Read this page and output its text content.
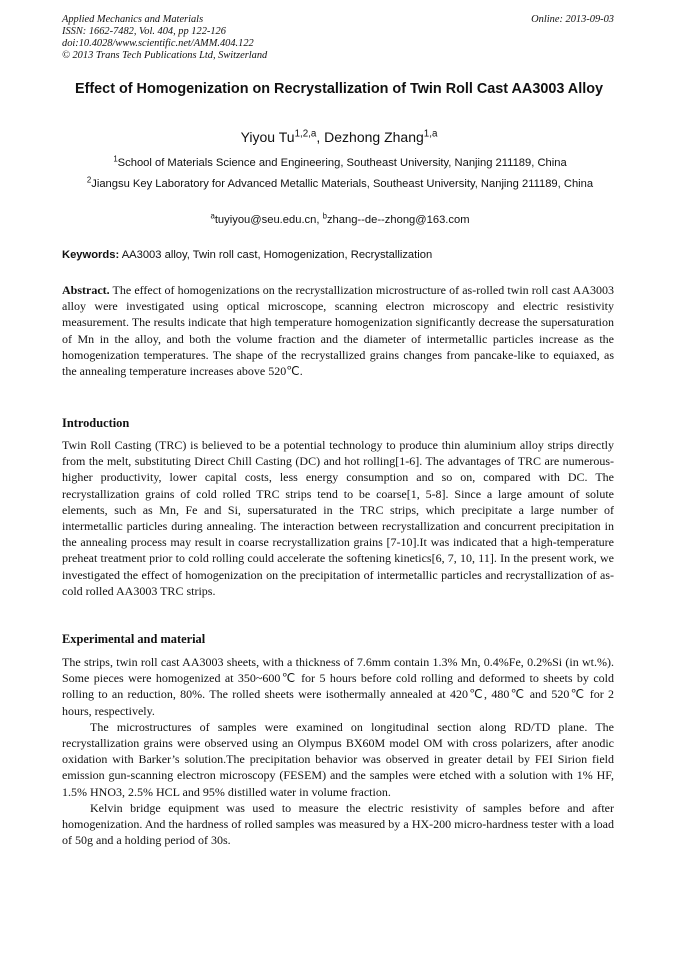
Applied Mechanics and Materials
ISSN: 1662-7482, Vol. 404, pp 122-126
doi:10.4028/www.scientific.net/AMM.404.122
© 2013 Trans Tech Publications Ltd, Switzerland
Online: 2013-09-03
Effect of Homogenization on Recrystallization of Twin Roll Cast AA3003 Alloy
Yiyou Tu$^{1,2,a}$, Dezhong Zhang$^{1,a}$
$^1$School of Materials Science and Engineering, Southeast University, Nanjing 211189, China
$^2$Jiangsu Key Laboratory for Advanced Metallic Materials, Southeast University, Nanjing 211189, China
$^a$tuyiyou@seu.edu.cn, $^b$zhang--de--zhong@163.com
Keywords: AA3003 alloy, Twin roll cast, Homogenization, Recrystallization
Abstract. The effect of homogenizations on the recrystallization microstructure of as-rolled twin roll cast AA3003 alloy were investigated using optical microscope, scanning electron microscopy and electric resistivity measurement. The results indicate that high temperature homogenization significantly decrease the supersaturation of Mn in the alloy, and both the volume fraction and the diameter of intermetallic particles increase as the homogenization temperatures. The shape of the recrystallized grains changes from pancake-like to equiaxed, as the annealing temperature increases above 520℃.
Introduction

Twin Roll Casting (TRC) is believed to be a potential technology to produce thin aluminium alloy strips directly from the melt, substituting Direct Chill Casting (DC) and hot rolling[1-6]. The advantages of TRC are numerous-higher productivity, lower capital costs, less energy consumption and so on, compared with DC. The recrystallization grains of cold rolled TRC strips tend to be coarse[1, 5-8]. Since a large amount of solute elements, such as Mn, Fe and Si, supersaturated in the TRC strips, which precipitate a large number of intermetallic particles during annealing. The interaction between recrystallization and concurrent precipitation in the annealing process may result in coarse recrystallization grains [7-10].It was indicated that a high-temperature preheat treatment prior to cold rolling could accelerate the softening kinetics[6, 7, 10, 11]. In the present work, we investigated the effect of homogenization on the precipitation of intermetallic particles and recrystallization of as-cold rolled AA3003 TRC strips.

Experimental and material

The strips, twin roll cast AA3003 sheets, with a thickness of 7.6mm contain 1.3% Mn, 0.4%Fe, 0.2%Si (in wt.%). Some pieces were homogenized at 350~600℃ for 5 hours before cold rolling and deformed to sheets by cold rolling to an reduction, 80%. The rolled sheets were isothermally annealed at 420℃, 480℃ and 520℃ for 2 hours, respectively.

The microstructures of samples were examined on longitudinal section along RD/TD plane. The recrystallization grains were observed using an Olympus BX60M model OM with cross polarizers, after anodic oxidation with Barker’s solution.The precipitation behavior was observed in greater detail by FEI Sirion field emission gun-scanning electron microscopy (FESEM) and the samples were etched with a solution with 1% HF, 1.5% HNO3, 2.5% HCL and 95% distilled water in volume fraction.

Kelvin bridge equipment was used to measure the electric resistivity of samples before and after homogenization. And the hardness of rolled samples was measured by a HX-200 micro-hardness tester with a load of 50g and a holding period of 30s.
